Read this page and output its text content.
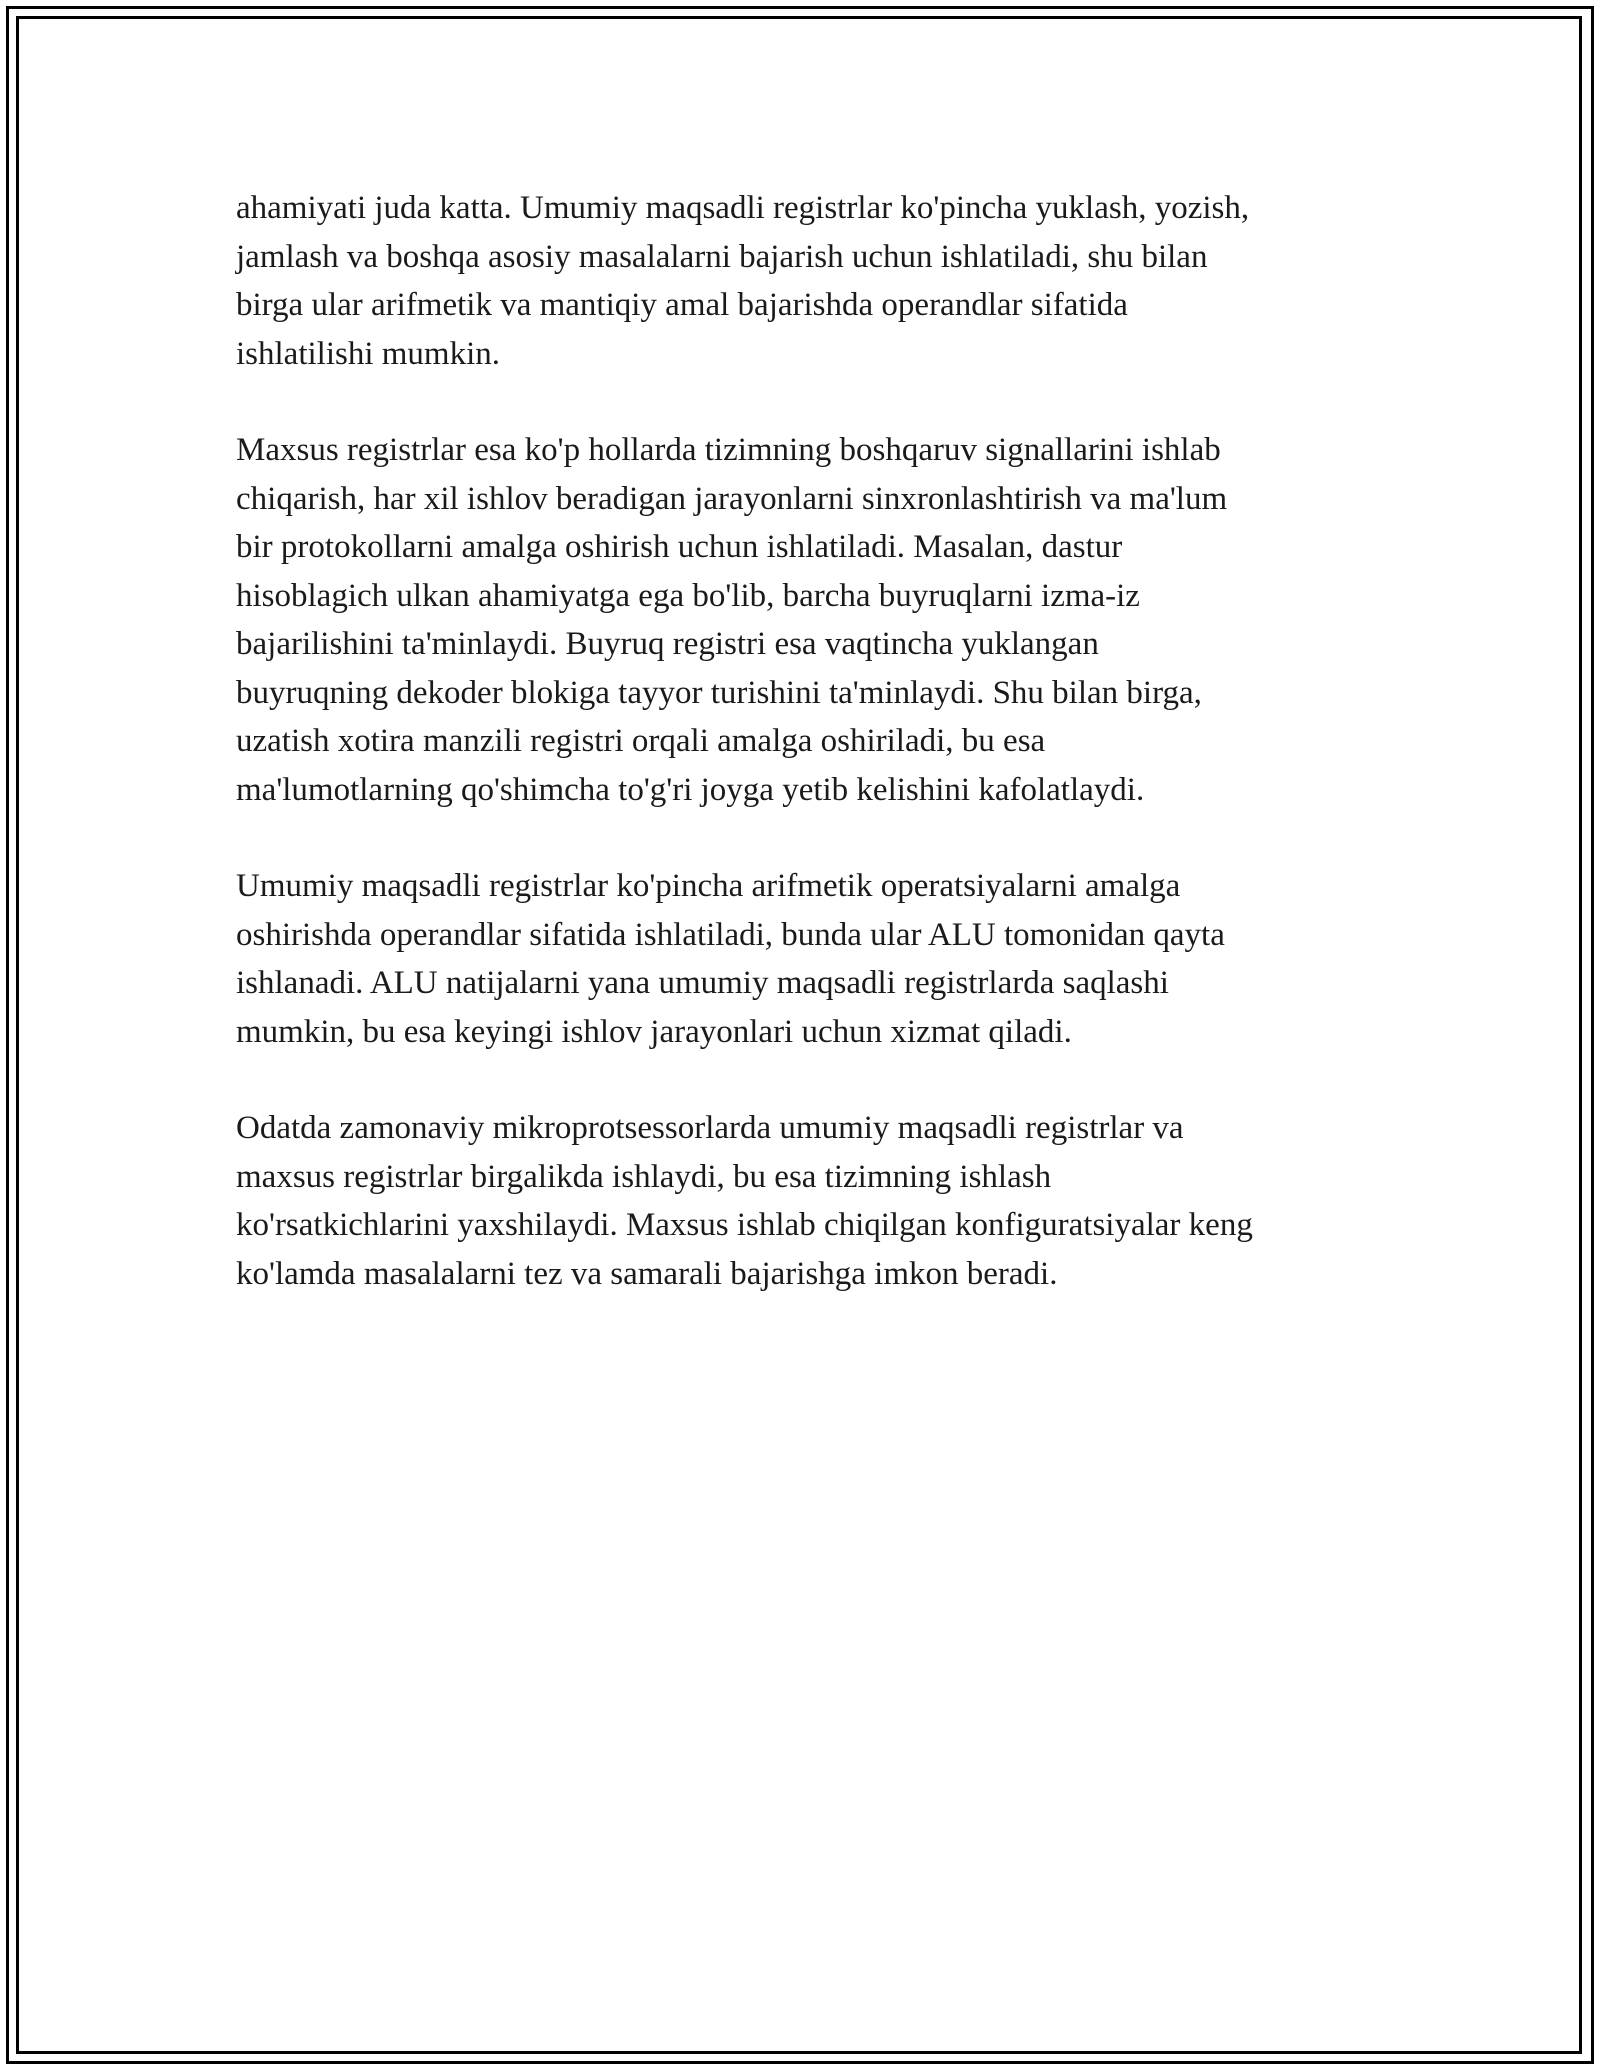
ahamiyati juda katta. Umumiy maqsadli registrlar ko'pincha yuklash, yozish,
jamlash va boshqa asosiy masalalarni bajarish uchun ishlatiladi, shu bilan
birga ular arifmetik va mantiqiy amal bajarishda operandlar sifatida
ishlatilishi mumkin.

Maxsus registrlar esa ko'p hollarda tizimning boshqaruv signallarini ishlab
chiqarish, har xil ishlov beradigan jarayonlarni sinxronlashtirish va ma'lum
bir protokollarni amalga oshirish uchun ishlatiladi. Masalan, dastur
hisoblagich ulkan ahamiyatga ega bo'lib, barcha buyruqlarni izma-iz
bajarilishini ta'minlaydi. Buyruq registri esa vaqtincha yuklangan
buyruqning dekoder blokiga tayyor turishini ta'minlaydi. Shu bilan birga,
uzatish xotira manzili registri orqali amalga oshiriladi, bu esa
ma'lumotlarning qo'shimcha to'g'ri joyga yetib kelishini kafolatlaydi.

Umumiy maqsadli registrlar ko'pincha arifmetik operatsiyalarni amalga
oshirishda operandlar sifatida ishlatiladi, bunda ular ALU tomonidan qayta
ishlanadi. ALU natijalarni yana umumiy maqsadli registrlarda saqlashi
mumkin, bu esa keyingi ishlov jarayonlari uchun xizmat qiladi.

Odatda zamonaviy mikroprotsessorlarda umumiy maqsadli registrlar va
maxsus registrlar birgalikda ishlaydi, bu esa tizimning ishlash
ko'rsatkichlarini yaxshilaydi. Maxsus ishlab chiqilgan konfiguratsiyalar keng
ko'lamda masalalarni tez va samarali bajarishga imkon beradi.
